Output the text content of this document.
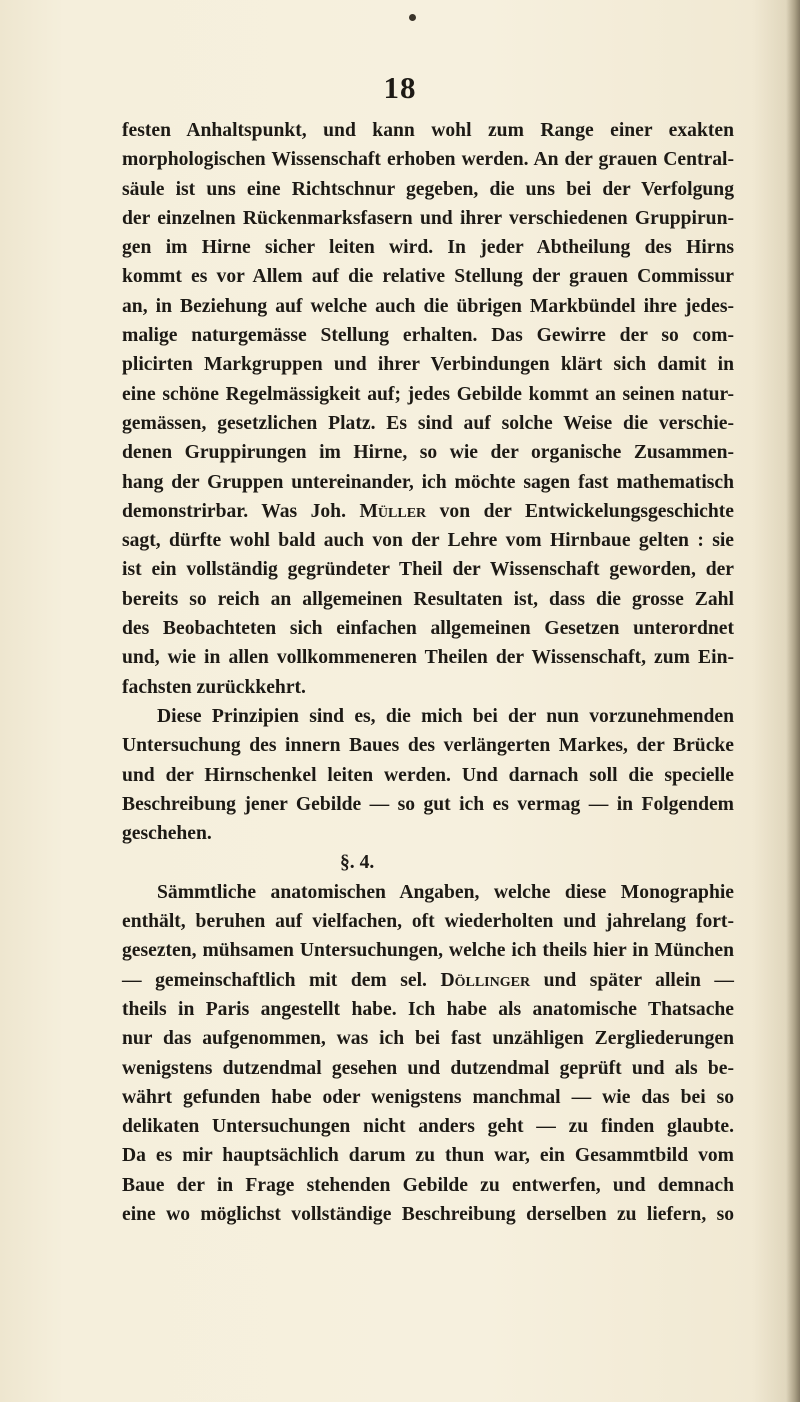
18
festen Anhaltspunkt, und kann wohl zum Range einer exakten
morphologischen Wissenschaft erhoben werden. An der grauen Central-
säule ist uns eine Richtschnur gegeben, die uns bei der Verfolgung
der einzelnen Rückenmarksfasern und ihrer verschiedenen Gruppirun-
gen im Hirne sicher leiten wird. In jeder Abtheilung des Hirns
kommt es vor Allem auf die relative Stellung der grauen Commissur
an, in Beziehung auf welche auch die übrigen Markbündel ihre jedes-
malige naturgemässe Stellung erhalten. Das Gewirre der so com-
plicirten Markgruppen und ihrer Verbindungen klärt sich damit in
eine schöne Regelmässigkeit auf; jedes Gebilde kommt an seinen natur-
gemässen, gesetzlichen Platz. Es sind auf solche Weise die verschie-
denen Gruppirungen im Hirne, so wie der organische Zusammen-
hang der Gruppen untereinander, ich möchte sagen fast mathematisch
demonstrirbar. Was Joh. Müller von der Entwickelungsgeschichte
sagt, dürfte wohl bald auch von der Lehre vom Hirnbaue gelten : sie
ist ein vollständig gegründeter Theil der Wissenschaft geworden, der
bereits so reich an allgemeinen Resultaten ist, dass die grosse Zahl
des Beobachteten sich einfachen allgemeinen Gesetzen unterordnet
und, wie in allen vollkommeneren Theilen der Wissenschaft, zum Ein-
fachsten zurückkehrt.
Diese Prinzipien sind es, die mich bei der nun vorzunehmenden
Untersuchung des innern Baues des verlängerten Markes, der Brücke
und der Hirnschenkel leiten werden. Und darnach soll die specielle
Beschreibung jener Gebilde — so gut ich es vermag — in Folgendem
geschehen.
§. 4.
Sämmtliche anatomischen Angaben, welche diese Monographie
enthält, beruhen auf vielfachen, oft wiederholten und jahrelang fort-
gesezten, mühsamen Untersuchungen, welche ich theils hier in München
— gemeinschaftlich mit dem sel. Döllinger und später allein —
theils in Paris angestellt habe. Ich habe als anatomische Thatsache
nur das aufgenommen, was ich bei fast unzähligen Zergliederungen
wenigstens dutzendmal gesehen und dutzendmal geprüft und als be-
währt gefunden habe oder wenigstens manchmal — wie das bei so
delikaten Untersuchungen nicht anders geht — zu finden glaubte.
Da es mir hauptsächlich darum zu thun war, ein Gesammtbild vom
Baue der in Frage stehenden Gebilde zu entwerfen, und demnach
eine wo möglichst vollständige Beschreibung derselben zu liefern, so
